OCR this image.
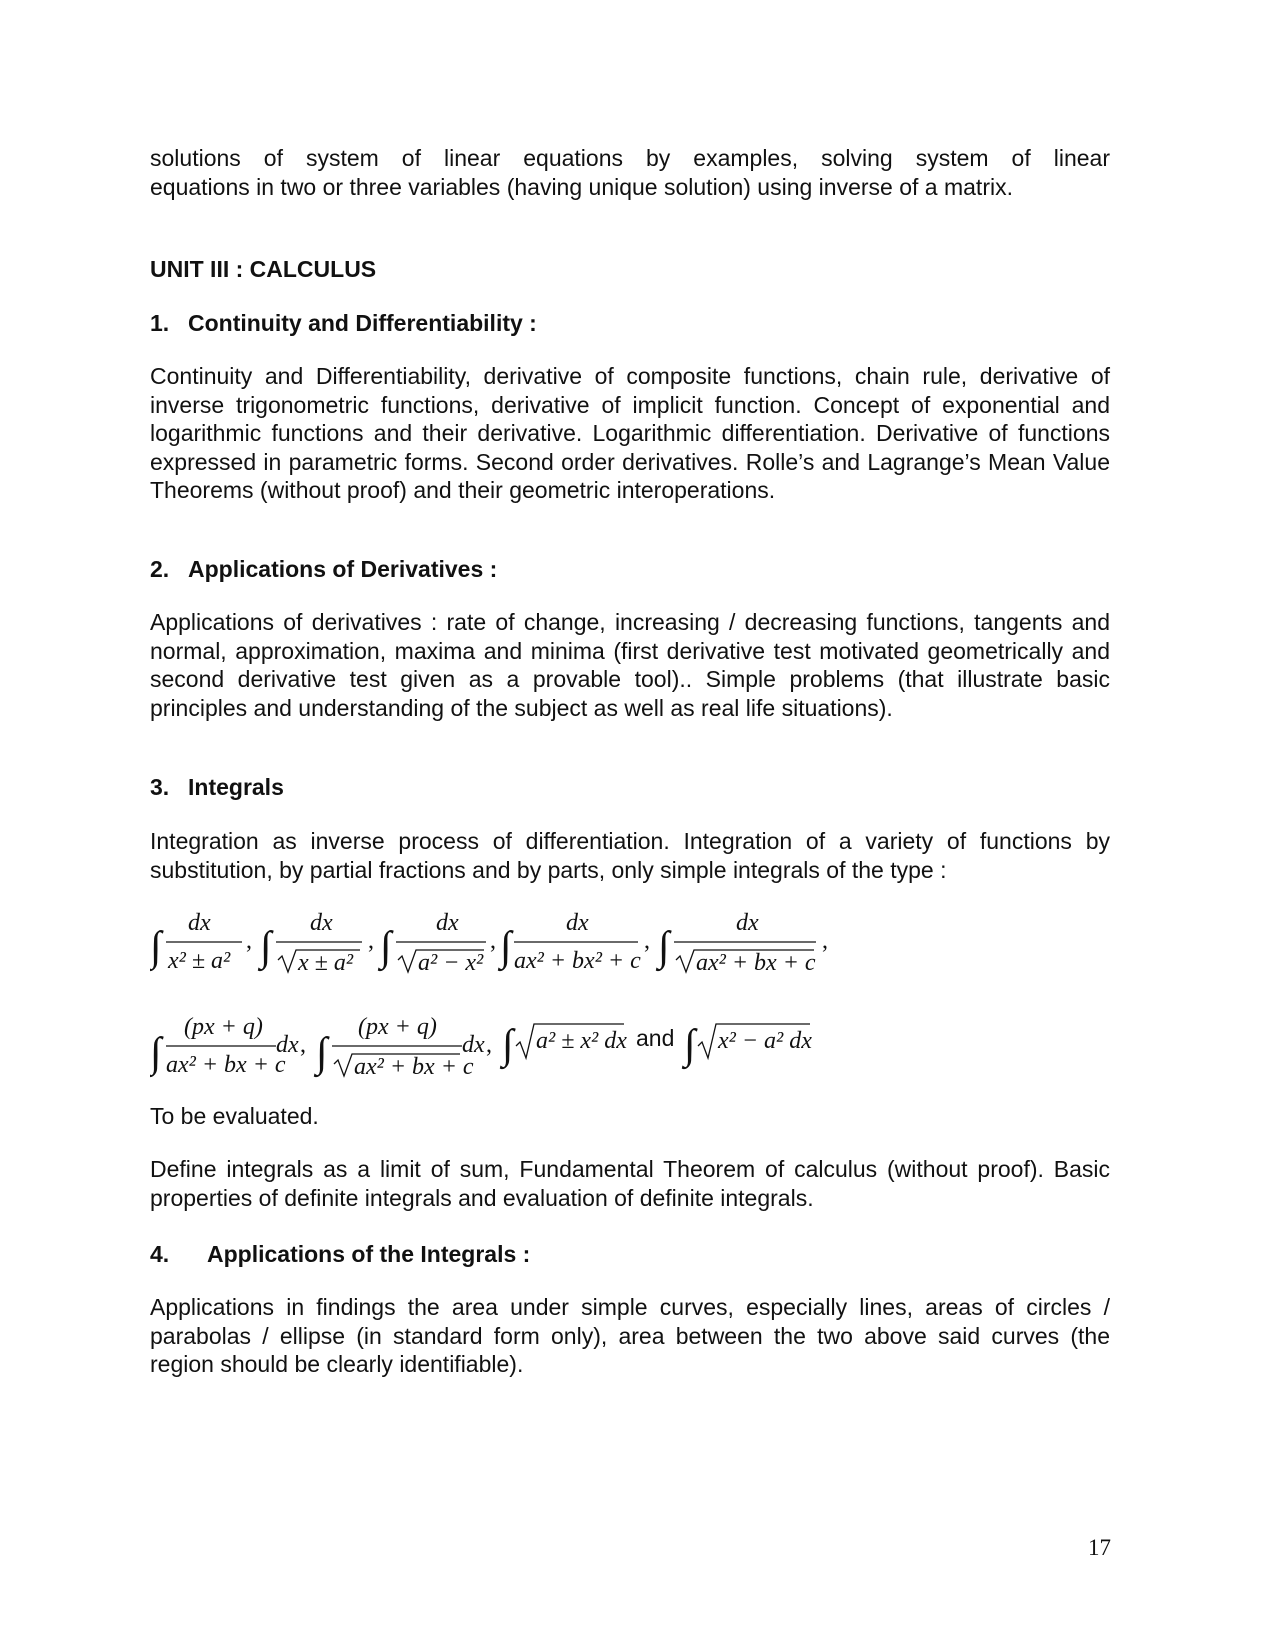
solutions of system of linear equations by examples, solving system of linear

equations in two or three variables (having unique solution) using inverse of a matrix.

UNIT III : CALCULUS

1. Continuity and Differentiability :

Continuity and Differentiability, derivative of composite functions, chain rule, derivative of inverse trigonometric functions, derivative of implicit function. Concept of exponential and logarithmic functions and their derivative. Logarithmic differentiation. Derivative of functions expressed in parametric forms. Second order derivatives. Rolle’s and Lagrange’s Mean Value Theorems (without proof) and their geometric interoperations.

2. Applications of Derivatives :

Applications of derivatives : rate of change, increasing / decreasing functions, tangents and normal, approximation, maxima and minima (first derivative test motivated geometrically and second derivative test given as a provable tool).. Simple problems (that illustrate basic principles and understanding of the subject as well as real life situations).

3. Integrals

Integration as inverse process of differentiation. Integration of a variety of functions by substitution, by partial fractions and by parts, only simple integrals of the type :

∫
dx
x² ± a²
, ∫
dx
x ± a²
, ∫
dx
a² − x²
, ∫
dx
ax² + bx² + c
, ∫
dx
ax² + bx + c
,
∫
(px + q)
ax² + bx + c
dx , ∫
(px + q)
ax² + bx + c
dx , ∫ a² ± x² dx and ∫ x² − a² dx

To be evaluated.

Define integrals as a limit of sum, Fundamental Theorem of calculus (without proof). Basic properties of definite integrals and evaluation of definite integrals.

4. Applications of the Integrals :

Applications in findings the area under simple curves, especially lines, areas of circles / parabolas / ellipse (in standard form only), area between the two above said curves (the region should be clearly identifiable).

17
